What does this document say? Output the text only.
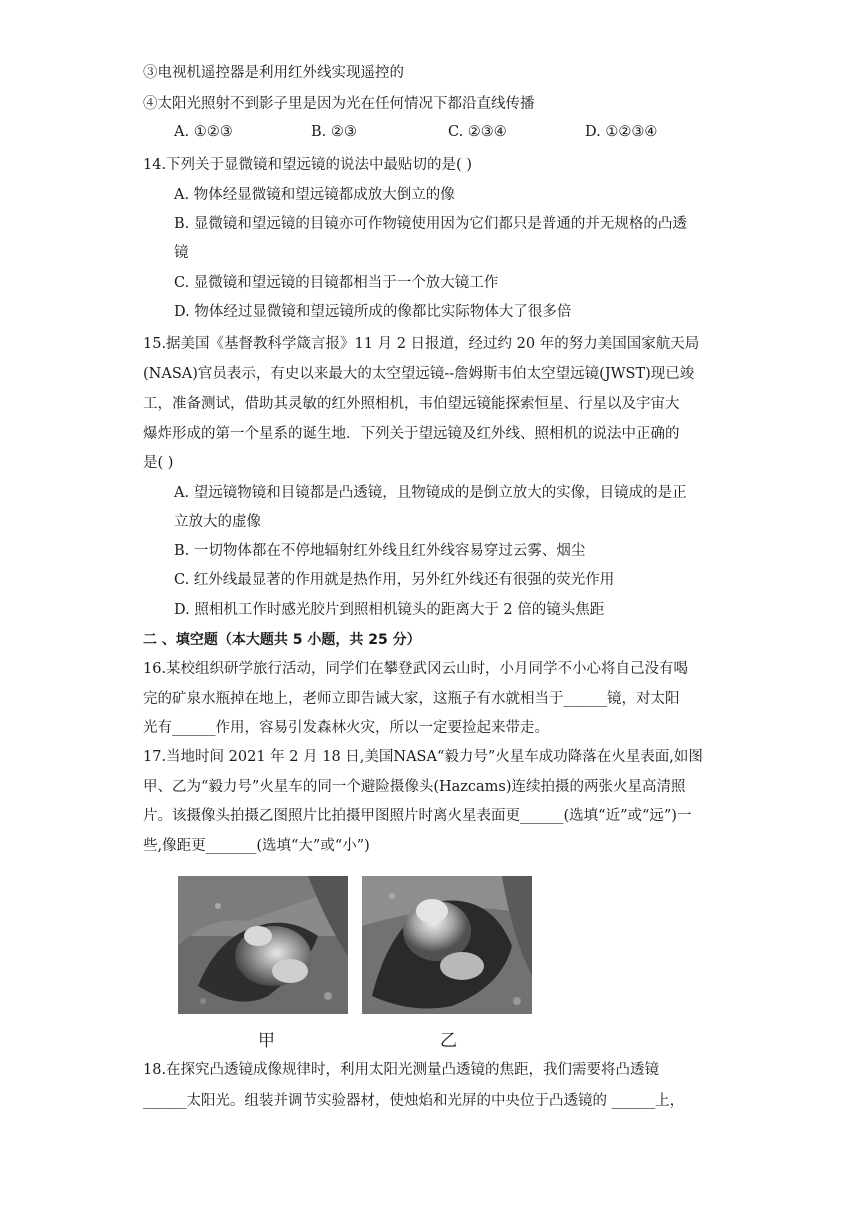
③电视机遥控器是利用红外线实现遥控的
④太阳光照射不到影子里是因为光在任何情况下都沿直线传播
A. ①②③	B. ②③	C. ②③④	D. ①②③④
14.下列关于显微镜和望远镜的说法中最贴切的是( )
A. 物体经显微镜和望远镜都成放大倒立的像
B. 显微镜和望远镜的目镜亦可作物镜使用因为它们都只是普通的并无规格的凸透
镜
C. 显微镜和望远镜的目镜都相当于一个放大镜工作
D. 物体经过显微镜和望远镜所成的像都比实际物体大了很多倍
15.据美国《基督教科学箴言报》11 月 2 日报道，经过约 20 年的努力美国国家航天局
(NASA)官员表示，有史以来最大的太空望远镜--詹姆斯韦伯太空望远镜(JWST)现已竣
工，准备测试，借助其灵敏的红外照相机，韦伯望远镜能探索恒星、行星以及宇宙大
爆炸形成的第一个星系的诞生地．下列关于望远镜及红外线、照相机的说法中正确的
是( )
A. 望远镜物镜和目镜都是凸透镜，且物镜成的是倒立放大的实像，目镜成的是正
立放大的虚像
B. 一切物体都在不停地辐射红外线且红外线容易穿过云雾、烟尘
C. 红外线最显著的作用就是热作用，另外红外线还有很强的荧光作用
D. 照相机工作时感光胶片到照相机镜头的距离大于 2 倍的镜头焦距
二 、填空题（本大题共 5 小题，共 25 分）
16.某校组织研学旅行活动，同学们在攀登武冈云山时，小月同学不小心将自己没有喝
完的矿泉水瓶掉在地上，老师立即告诫大家，这瓶子有水就相当于______镜，对太阳
光有______作用，容易引发森林火灾，所以一定要捡起来带走。
17.当地时间 2021 年 2 月 18 日,美国NASA“毅力号”火星车成功降落在火星表面,如图
甲、乙为“毅力号”火星车的同一个避险摄像头(Hazcams)连续拍摄的两张火星高清照
片。该摄像头拍摄乙图照片比拍摄甲图照片时离火星表面更______(选填“近”或“远”)一
些,像距更_______(选填“大”或“小”)
甲	乙
18.在探究凸透镜成像规律时，利用太阳光测量凸透镜的焦距，我们需要将凸透镜
______太阳光。组装并调节实验器材，使烛焰和光屏的中央位于凸透镜的 ______上，
